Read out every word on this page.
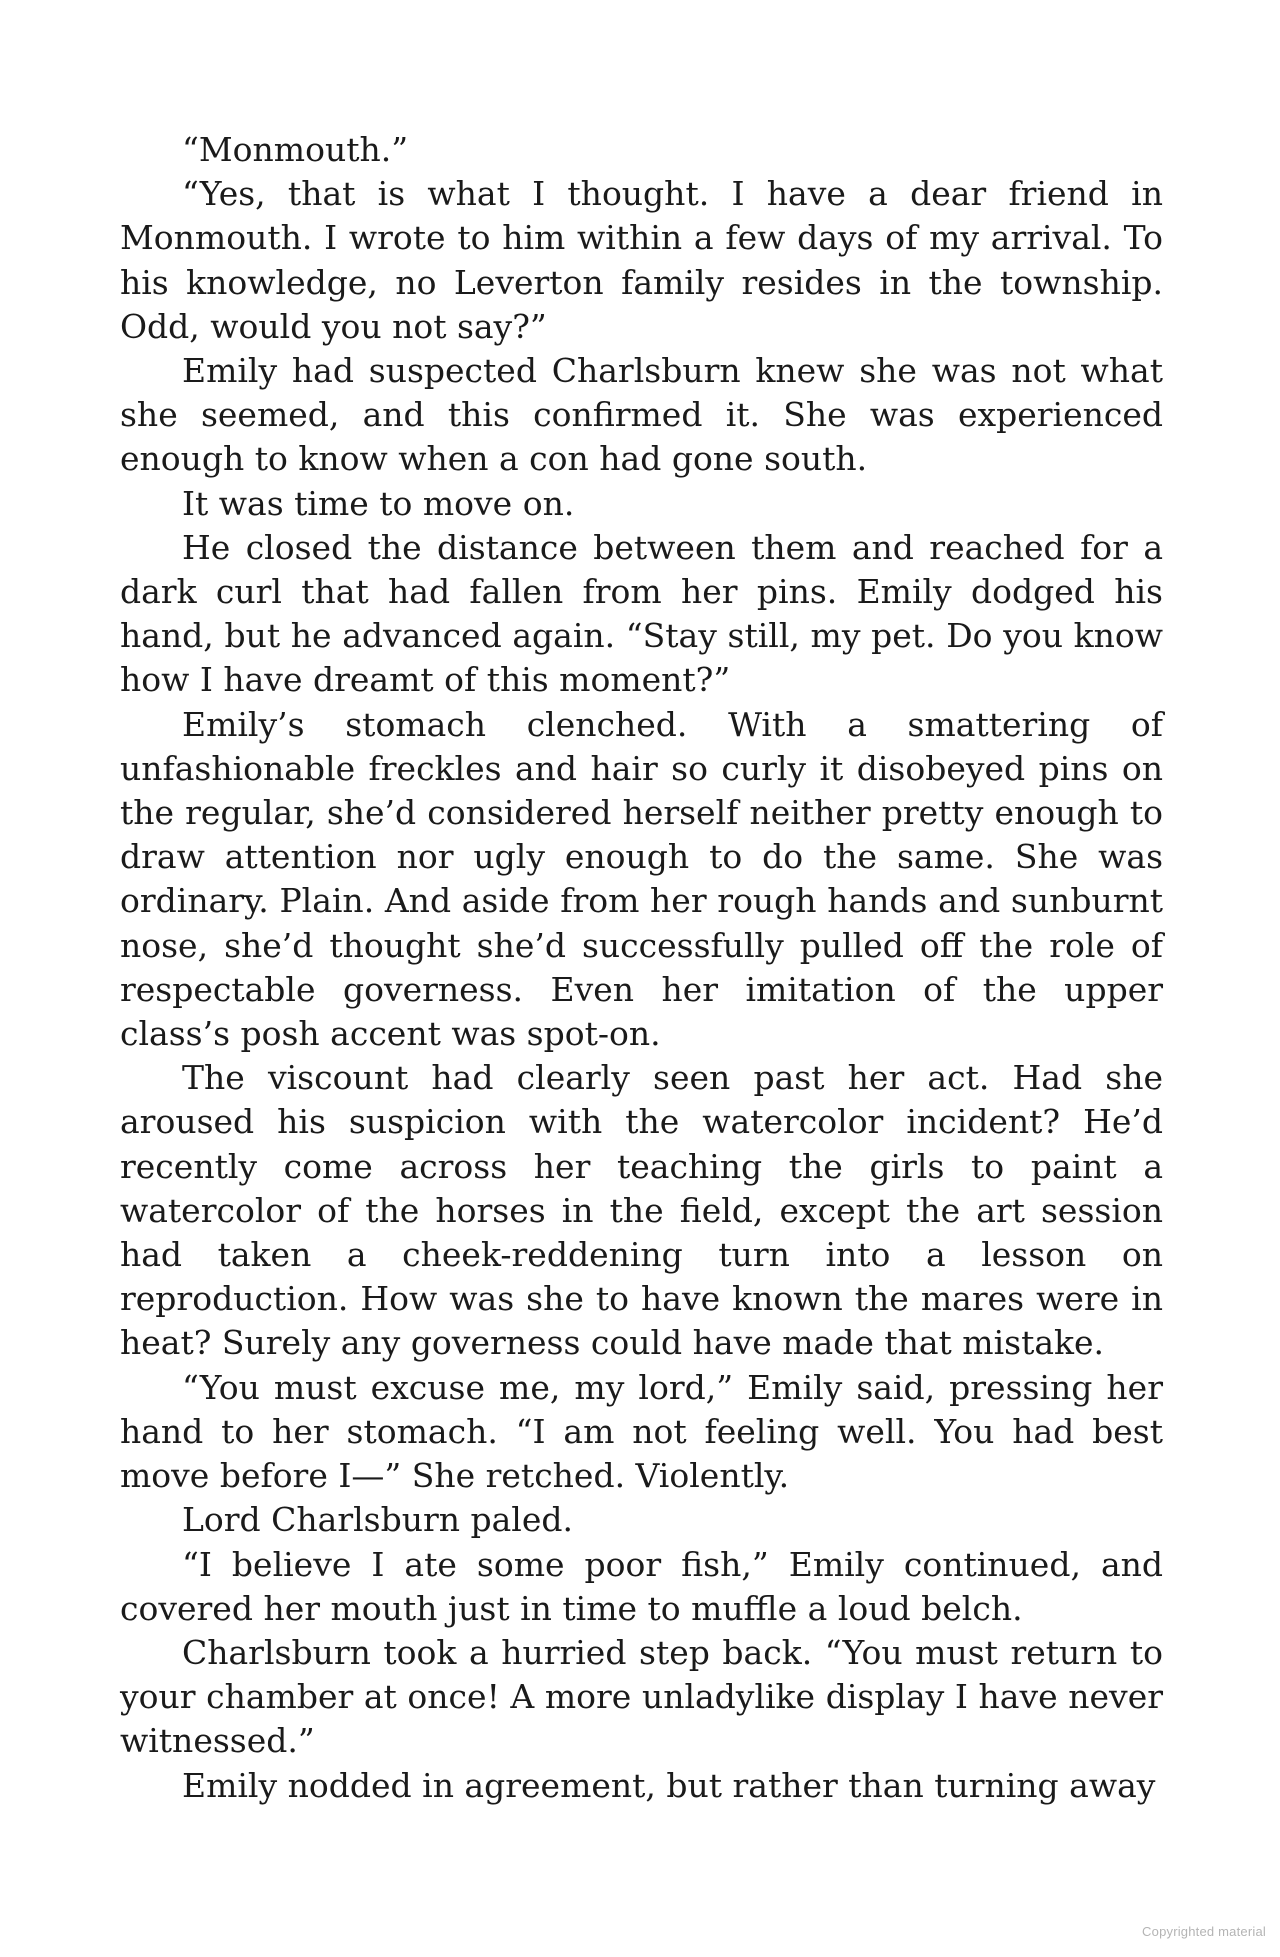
“Monmouth.”

“Yes, that is what I thought. I have a dear friend in Monmouth. I wrote to him within a few days of my arrival. To his knowledge, no Leverton family resides in the township. Odd, would you not say?”

Emily had suspected Charlsburn knew she was not what she seemed, and this confirmed it. She was experienced enough to know when a con had gone south.

It was time to move on.

He closed the distance between them and reached for a dark curl that had fallen from her pins. Emily dodged his hand, but he advanced again. “Stay still, my pet. Do you know how I have dreamt of this moment?”

Emily’s stomach clenched. With a smattering of unfashionable freckles and hair so curly it disobeyed pins on the regular, she’d considered herself neither pretty enough to draw attention nor ugly enough to do the same. She was ordinary. Plain. And aside from her rough hands and sunburnt nose, she’d thought she’d successfully pulled off the role of respectable governess. Even her imitation of the upper class’s posh accent was spot-on.

The viscount had clearly seen past her act. Had she aroused his suspicion with the watercolor incident? He’d recently come across her teaching the girls to paint a watercolor of the horses in the field, except the art session had taken a cheek-reddening turn into a lesson on reproduction. How was she to have known the mares were in heat? Surely any governess could have made that mistake.

“You must excuse me, my lord,” Emily said, pressing her hand to her stomach. “I am not feeling well. You had best move before I—” She retched. Violently.

Lord Charlsburn paled.

“I believe I ate some poor fish,” Emily continued, and covered her mouth just in time to muffle a loud belch.

Charlsburn took a hurried step back. “You must return to your chamber at once! A more unladylike display I have never witnessed.”

Emily nodded in agreement, but rather than turning away

Copyrighted material
